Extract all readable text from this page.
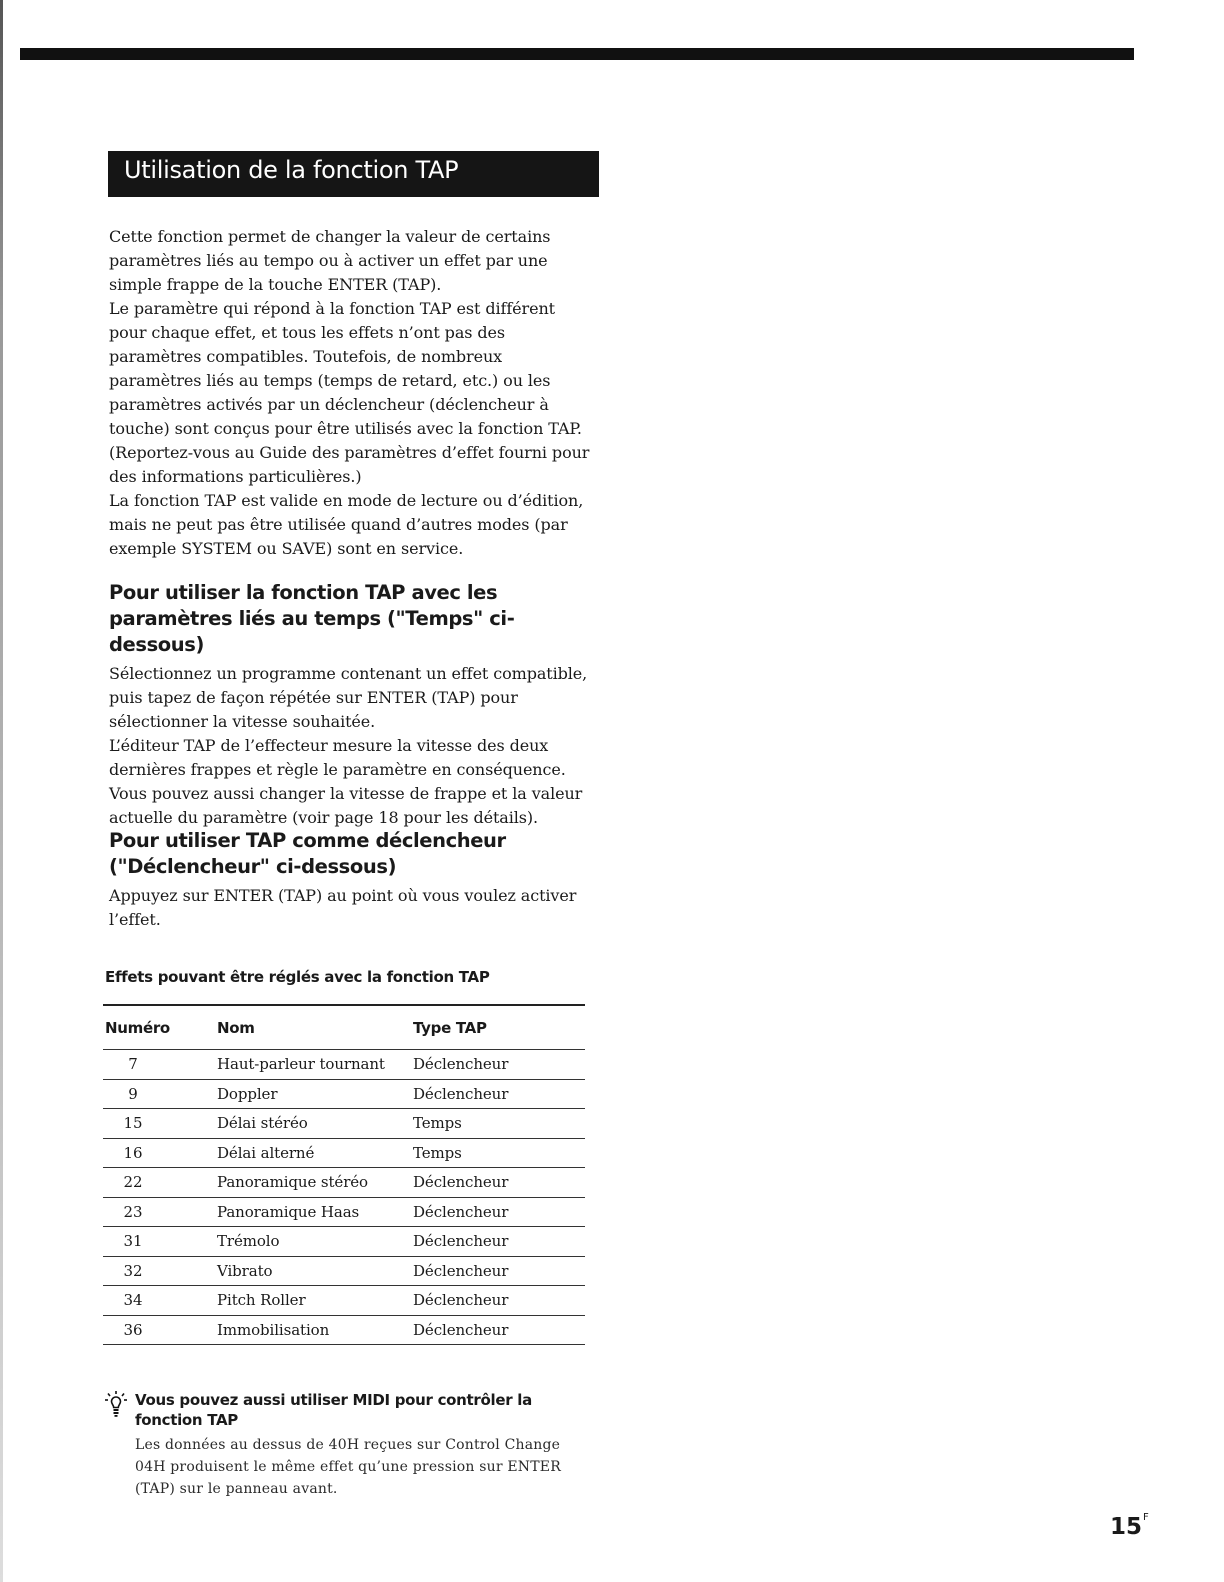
Utilisation de la fonction TAP

Cette fonction permet de changer la valeur de certains paramètres liés au tempo ou à activer un effet par une simple frappe de la touche ENTER (TAP).

Le paramètre qui répond à la fonction TAP est différent pour chaque effet, et tous les effets n’ont pas des paramètres compatibles. Toutefois, de nombreux paramètres liés au temps (temps de retard, etc.) ou les paramètres activés par un déclencheur (déclencheur à touche) sont conçus pour être utilisés avec la fonction TAP.

(Reportez-vous au Guide des paramètres d’effet fourni pour des informations particulières.)

La fonction TAP est valide en mode de lecture ou d’édition, mais ne peut pas être utilisée quand d’autres modes (par exemple SYSTEM ou SAVE) sont en service.

Pour utiliser la fonction TAP avec les
paramètres liés au temps ("Temps" ci-dessous)

Sélectionnez un programme contenant un effet compatible, puis tapez de façon répétée sur ENTER (TAP) pour sélectionner la vitesse souhaitée.

L’éditeur TAP de l’effecteur mesure la vitesse des deux dernières frappes et règle le paramètre en conséquence.

Vous pouvez aussi changer la vitesse de frappe et la valeur actuelle du paramètre (voir page 18 pour les détails).

Pour utiliser TAP comme déclencheur
("Déclencheur" ci-dessous)

Appuyez sur ENTER (TAP) au point où vous voulez activer l’effet.

Effets pouvant être réglés avec la fonction TAP
Numéro	Nom	Type TAP
7	Haut-parleur tournant	Déclencheur
9	Doppler	Déclencheur
15	Délai stéréo	Temps
16	Délai alterné	Temps
22	Panoramique stéréo	Déclencheur
23	Panoramique Haas	Déclencheur
31	Trémolo	Déclencheur
32	Vibrato	Déclencheur
34	Pitch Roller	Déclencheur
36	Immobilisation	Déclencheur

Vous pouvez aussi utiliser MIDI pour contrôler la fonction TAP

Les données au dessus de 40H reçues sur Control Change 04H produisent le même effet qu’une pression sur ENTER (TAP) sur le panneau avant.

$15^F$
